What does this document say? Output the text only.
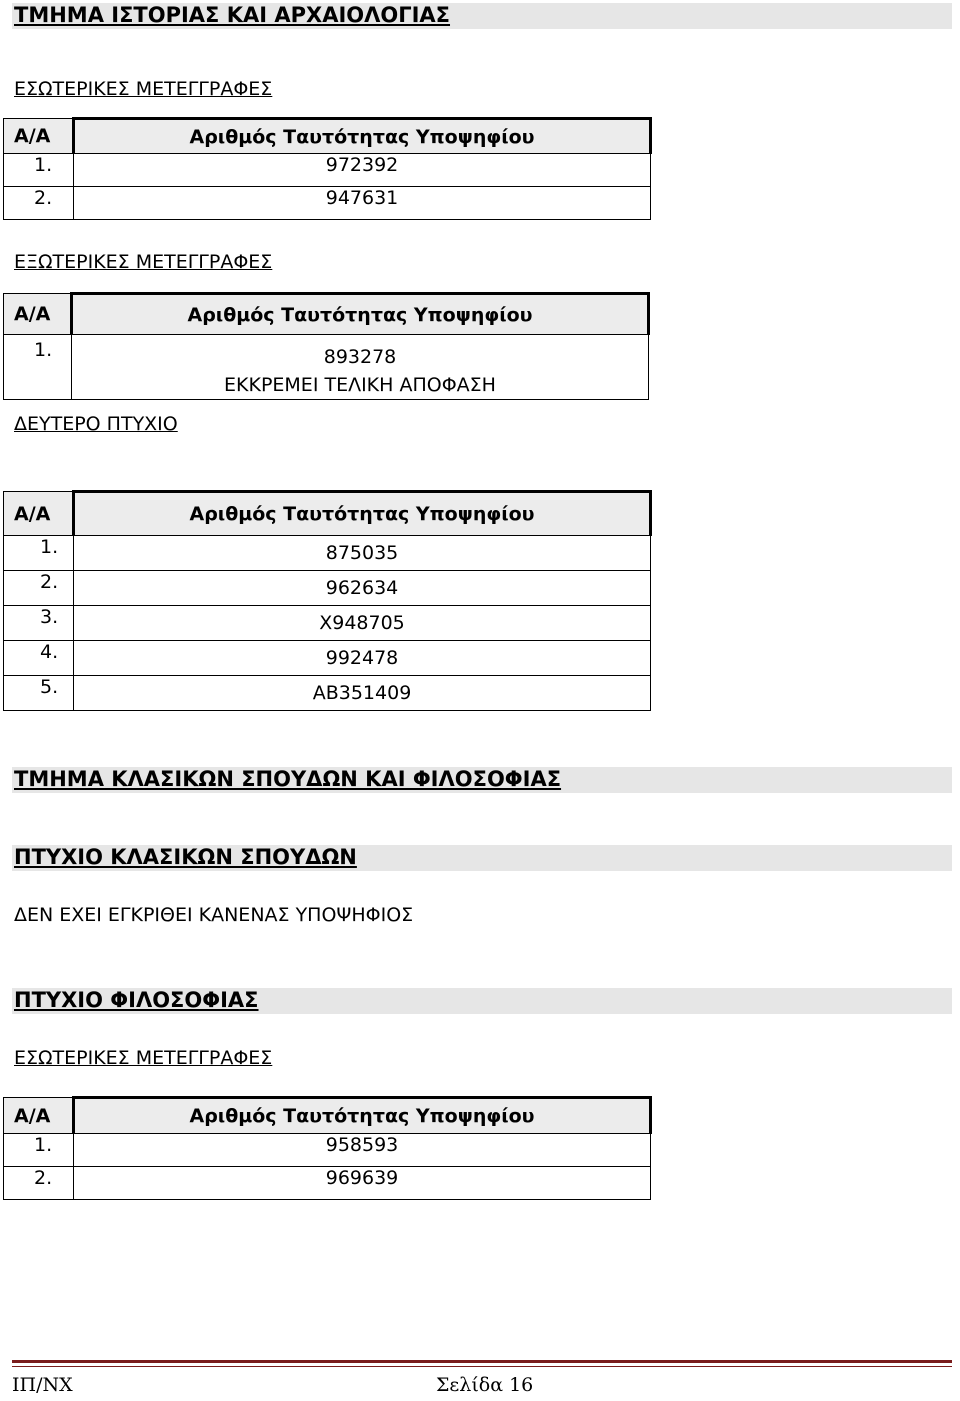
ΤΜΗΜΑ ΙΣΤΟΡΙΑΣ ΚΑΙ ΑΡΧΑΙΟΛΟΓΙΑΣ
ΕΣΩΤΕΡΙΚΕΣ ΜΕΤΕΓΓΡΑΦΕΣ
Α/Α	Αριθμός Ταυτότητας Υποψηφίου
1.	972392
2.	947631
ΕΞΩΤΕΡΙΚΕΣ ΜΕΤΕΓΓΡΑΦΕΣ
Α/Α	Αριθμός Ταυτότητας Υποψηφίου
1.	893278
ΕΚΚΡΕΜΕΙ ΤΕΛΙΚΗ ΑΠΟΦΑΣΗ
ΔΕΥΤΕΡΟ ΠΤΥΧΙΟ
Α/Α	Αριθμός Ταυτότητας Υποψηφίου
1.	875035
2.	962634
3.	Χ948705
4.	992478
5.	ΑΒ351409
ΤΜΗΜΑ ΚΛΑΣΙΚΩΝ ΣΠΟΥΔΩΝ ΚΑΙ ΦΙΛΟΣΟΦΙΑΣ
ΠΤΥΧΙΟ ΚΛΑΣΙΚΩΝ ΣΠΟΥΔΩΝ
ΔΕΝ ΕΧΕΙ ΕΓΚΡΙΘΕΙ ΚΑΝΕΝΑΣ ΥΠΟΨΗΦΙΟΣ
ΠΤΥΧΙΟ ΦΙΛΟΣΟΦΙΑΣ
ΕΣΩΤΕΡΙΚΕΣ ΜΕΤΕΓΓΡΑΦΕΣ
Α/Α	Αριθμός Ταυτότητας Υποψηφίου
1.	958593
2.	969639
ΙΠ/ΝΧ	Σελίδα 16
